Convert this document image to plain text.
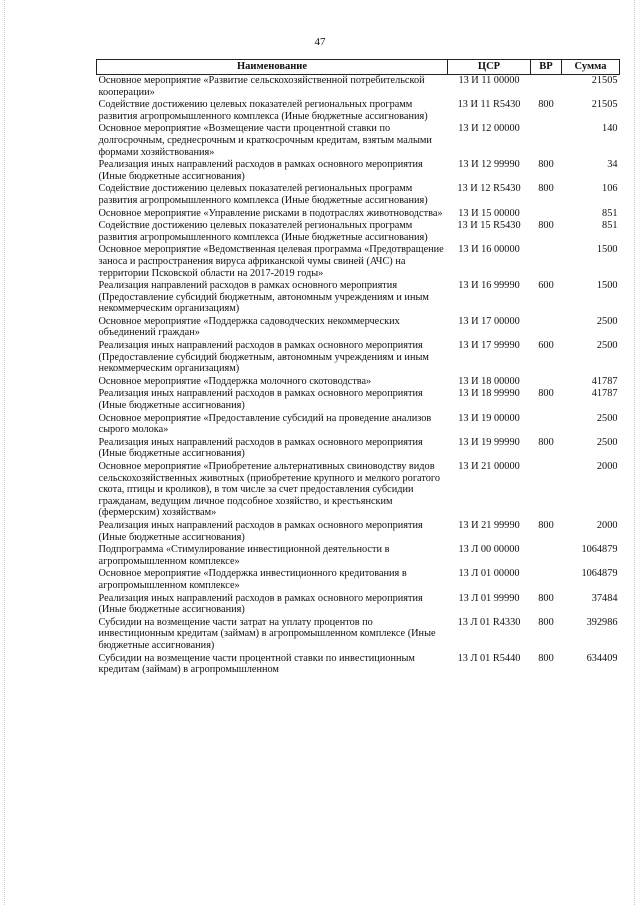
47
Наименование	ЦСР	ВР	Сумма
Основное мероприятие «Развитие сельскохозяйственной потребительской кооперации»	13 И 11 00000		21505
Содействие достижению целевых показателей региональных программ развития агропромышленного комплекса (Иные бюджетные ассигнования)	13 И 11 R5430	800	21505
Основное мероприятие «Возмещение части процентной ставки по долгосрочным, среднесрочным и краткосрочным кредитам, взятым малыми формами хозяйствования»	13 И 12 00000		140
Реализация иных направлений расходов в рамках основного мероприятия (Иные бюджетные ассигнования)	13 И 12 99990	800	34
Содействие достижению целевых показателей региональных программ развития агропромышленного комплекса (Иные бюджетные ассигнования)	13 И 12 R5430	800	106
Основное мероприятие «Управление рисками в подотраслях животноводства»	13 И 15 00000		851
Содействие достижению целевых показателей региональных программ развития агропромышленного комплекса (Иные бюджетные ассигнования)	13 И 15 R5430	800	851
Основное мероприятие «Ведомственная целевая программа «Предотвращение заноса и распространения вируса африканской чумы свиней (АЧС) на территории Псковской области на 2017-2019 годы»	13 И 16 00000		1500
Реализация направлений расходов в рамках основного мероприятия (Предоставление субсидий бюджетным, автономным учреждениям и иным некоммерческим организациям)	13 И 16 99990	600	1500
Основное мероприятие «Поддержка садоводческих некоммерческих объединений граждан»	13 И 17 00000		2500
Реализация иных направлений расходов в рамках основного мероприятия (Предоставление субсидий бюджетным, автономным учреждениям и иным некоммерческим организациям)	13 И 17 99990	600	2500
Основное мероприятие «Поддержка молочного скотоводства»	13 И 18 00000		41787
Реализация иных направлений расходов в рамках основного мероприятия (Иные бюджетные ассигнования)	13 И 18 99990	800	41787
Основное мероприятие «Предоставление субсидий на проведение анализов сырого молока»	13 И 19 00000		2500
Реализация иных направлений расходов в рамках основного мероприятия (Иные бюджетные ассигнования)	13 И 19 99990	800	2500
Основное мероприятие «Приобретение альтернативных свиноводству видов сельскохозяйственных животных (приобретение крупного и мелкого рогатого скота, птицы и кроликов), в том числе за счет предоставления субсидии гражданам, ведущим личное подсобное хозяйство, и крестьянским (фермерским) хозяйствам»	13 И 21 00000		2000
Реализация иных направлений расходов в рамках основного мероприятия (Иные бюджетные ассигнования)	13 И 21 99990	800	2000
Подпрограмма «Стимулирование инвестиционной деятельности в агропромышленном комплексе»	13 Л 00 00000		1064879
Основное мероприятие «Поддержка инвестиционного кредитования в агропромышленном комплексе»	13 Л 01 00000		1064879
Реализация иных направлений расходов в рамках основного мероприятия (Иные бюджетные ассигнования)	13 Л 01 99990	800	37484
Субсидии на возмещение части затрат на уплату процентов по инвестиционным кредитам (займам) в агропромышленном комплексе (Иные бюджетные ассигнования)	13 Л 01 R4330	800	392986
Субсидии на возмещение части процентной ставки по инвестиционным кредитам (займам) в агропромышленном	13 Л 01 R5440	800	634409
